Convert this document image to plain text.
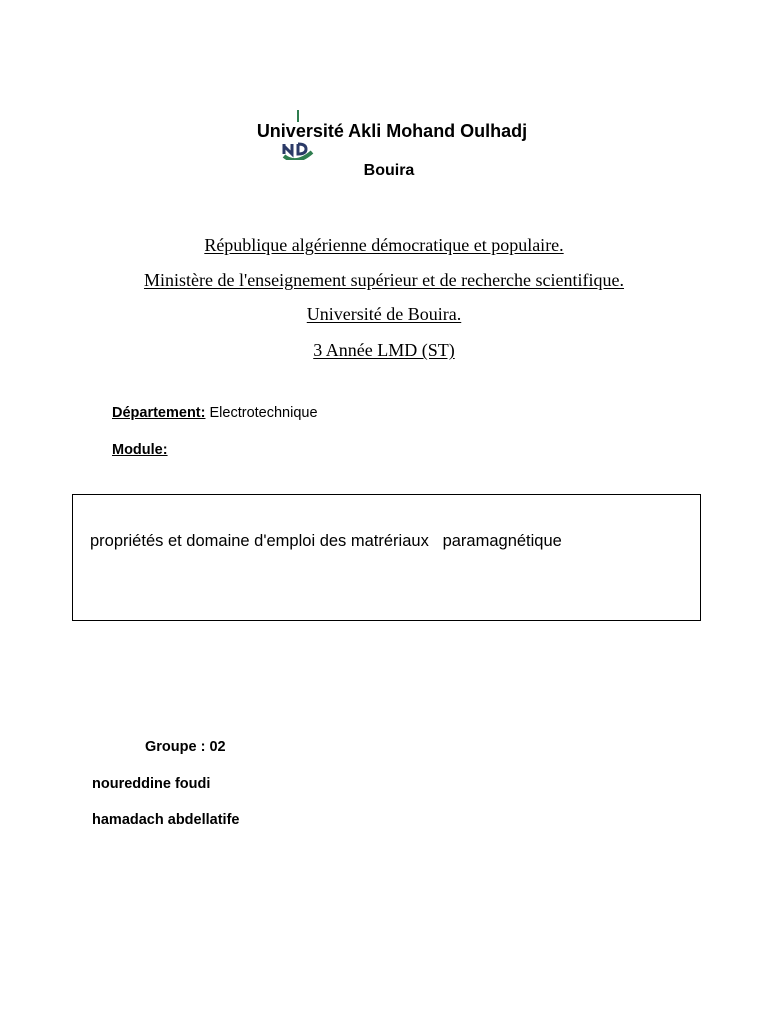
Université Akli Mohand Oulhadj
Bouira
République algérienne démocratique et populaire.
Ministère de l'enseignement supérieur et de recherche scientifique.
Université de Bouira.
3 Année LMD (ST)
Département: Electrotechnique
Module:
propriétés et domaine d'emploi des matrériaux   paramagnétique
Groupe : 02
noureddine foudi
hamadach abdellatife
